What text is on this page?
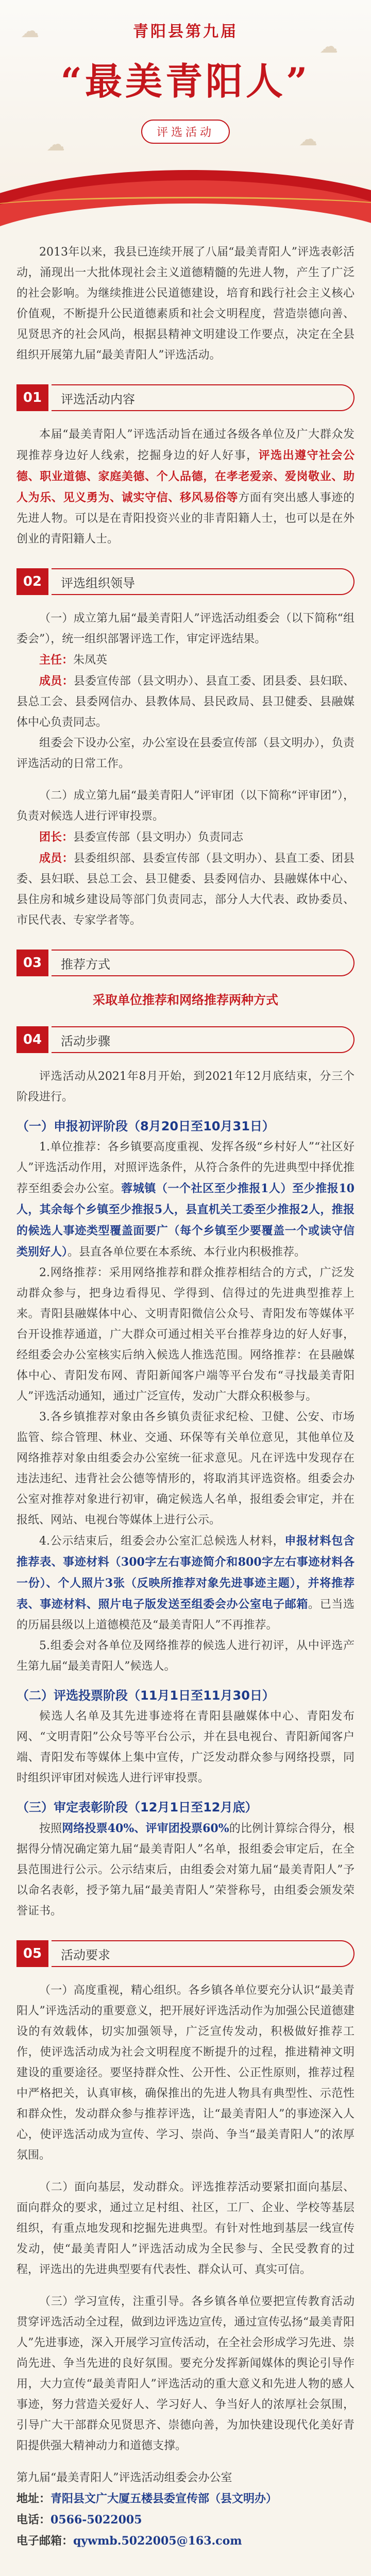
☁
☁
☁	☁
青阳县第九届
“最美青阳人”
评选活动

2013年以来，我县已连续开展了八届“最美青阳人”评选表彰活动，涌现出一大批体现社会主义道德精髓的先进人物，产生了广泛的社会影响。为继续推进公民道德建设，培育和践行社会主义核心价值观，不断提升公民道德素质和社会文明程度，营造崇德向善、见贤思齐的社会风尚，根据县精神文明建设工作要点，决定在全县组织开展第九届“最美青阳人”评选活动。

01	评选活动内容

本届“最美青阳人”评选活动旨在通过各级各单位及广大群众发现推荐身边好人线索，挖掘身边的好人好事，评选出遵守社会公德、职业道德、家庭美德、个人品德，在孝老爱亲、爱岗敬业、助人为乐、见义勇为、诚实守信、移风易俗等方面有突出感人事迹的先进人物。可以是在青阳投资兴业的非青阳籍人士，也可以是在外创业的青阳籍人士。

02	评选组织领导

（一）成立第九届“最美青阳人”评选活动组委会（以下简称“组委会”），统一组织部署评选工作，审定评选结果。

主任：朱凤英

成员：县委宣传部（县文明办）、县直工委、团县委、县妇联、县总工会、县委网信办、县教体局、县民政局、县卫健委、县融媒体中心负责同志。

组委会下设办公室，办公室设在县委宣传部（县文明办），负责评选活动的日常工作。

（二）成立第九届“最美青阳人”评审团（以下简称“评审团”），负责对候选人进行评审投票。

团长：县委宣传部（县文明办）负责同志

成员：县委组织部、县委宣传部（县文明办）、县直工委、团县委、县妇联、县总工会、县卫健委、县委网信办、县融媒体中心、县住房和城乡建设局等部门负责同志，部分人大代表、政协委员、市民代表、专家学者等。

03	推荐方式
采取单位推荐和网络推荐两种方式
04	活动步骤

评选活动从2021年8月开始，到2021年12月底结束，分三个阶段进行。

（一）申报初评阶段（8月20日至10月31日）

1.单位推荐：各乡镇要高度重视、发挥各级“乡村好人”“社区好人”评选活动作用，对照评选条件，从符合条件的先进典型中择优推荐至组委会办公室。蓉城镇（一个社区至少推报1人）至少推报10人，其余每个乡镇至少推报5人，县直机关工委至少推报2人，推报的候选人事迹类型覆盖面要广（每个乡镇至少要覆盖一个或读守信类别好人）。县直各单位要在本系统、本行业内积极推荐。

2.网络推荐：采用网络推荐和群众推荐相结合的方式，广泛发动群众参与，把身边看得见、学得到、信得过的先进典型推荐上来。青阳县融媒体中心、文明青阳微信公众号、青阳发布等媒体平台开设推荐通道，广大群众可通过相关平台推荐身边的好人好事，经组委会办公室核实后纳入候选人推选范围。网络推荐：在县融媒体中心、青阳发布网、青阳新闻客户端等平台发布“寻找最美青阳人”评选活动通知，通过广泛宣传，发动广大群众积极参与。

3.各乡镇推荐对象由各乡镇负责征求纪检、卫健、公安、市场监管、综合管理、林业、交通、环保等有关单位意见，其他单位及网络推荐对象由组委会办公室统一征求意见。凡在评选中发现存在违法违纪、违背社会公德等情形的，将取消其评选资格。组委会办公室对推荐对象进行初审，确定候选人名单，报组委会审定，并在报纸、网站、电视台等媒体上进行公示。

4.公示结束后，组委会办公室汇总候选人材料，申报材料包含推荐表、事迹材料（300字左右事迹简介和800字左右事迹材料各一份）、个人照片3张（反映所推荐对象先进事迹主题），并将推荐表、事迹材料、照片电子版发送至组委会办公室电子邮箱。已当选的历届县级以上道德模范及“最美青阳人”不再推荐。

5.组委会对各单位及网络推荐的候选人进行初评，从中评选产生第九届“最美青阳人”候选人。

（二）评选投票阶段（11月1日至11月30日）

候选人名单及其先进事迹将在青阳县融媒体中心、青阳发布网、“文明青阳”公众号等平台公示，并在县电视台、青阳新闻客户端、青阳发布等媒体上集中宣传，广泛发动群众参与网络投票，同时组织评审团对候选人进行评审投票。

（三）审定表彰阶段（12月1日至12月底）

按照网络投票40%、评审团投票60%的比例计算综合得分，根据得分情况确定第九届“最美青阳人”名单，报组委会审定后，在全县范围进行公示。公示结束后，由组委会对第九届“最美青阳人”予以命名表彰，授予第九届“最美青阳人”荣誉称号，由组委会颁发荣誉证书。

05	活动要求

（一）高度重视，精心组织。各乡镇各单位要充分认识“最美青阳人”评选活动的重要意义，把开展好评选活动作为加强公民道德建设的有效载体，切实加强领导，广泛宣传发动，积极做好推荐工作，使评选活动成为社会文明程度不断提升的过程，推进精神文明建设的重要途径。要坚持群众性、公开性、公正性原则，推荐过程中严格把关，认真审核，确保推出的先进人物具有典型性、示范性和群众性，发动群众参与推荐评选，让“最美青阳人”的事迹深入人心，使评选活动成为宣传、学习、崇尚、争当“最美青阳人”的浓厚氛围。

（二）面向基层，发动群众。评选推荐活动要紧扣面向基层、面向群众的要求，通过立足村组、社区，工厂、企业、学校等基层组织，有重点地发现和挖掘先进典型。有针对性地到基层一线宣传发动，使“最美青阳人”评选活动成为全民参与、全民受教育的过程，评选出的先进典型要有代表性、群众认可、真实可信。

（三）学习宣传，注重引导。各乡镇各单位要把宣传教育活动贯穿评选活动全过程，做到边评选边宣传，通过宣传弘扬“最美青阳人”先进事迹，深入开展学习宣传活动，在全社会形成学习先进、崇尚先进、争当先进的良好氛围。要充分发挥新闻媒体的舆论引导作用，大力宣传“最美青阳人”评选活动的重大意义和先进人物的感人事迹，努力营造关爱好人、学习好人、争当好人的浓厚社会氛围，引导广大干部群众见贤思齐、崇德向善，为加快建设现代化美好青阳提供强大精神动力和道德支撑。

第九届“最美青阳人”评选活动组委会办公室

地址：青阳县文广大厦五楼县委宣传部（县文明办）

电话：0566-5022005

电子邮箱：qywmb.5022005@163.com
